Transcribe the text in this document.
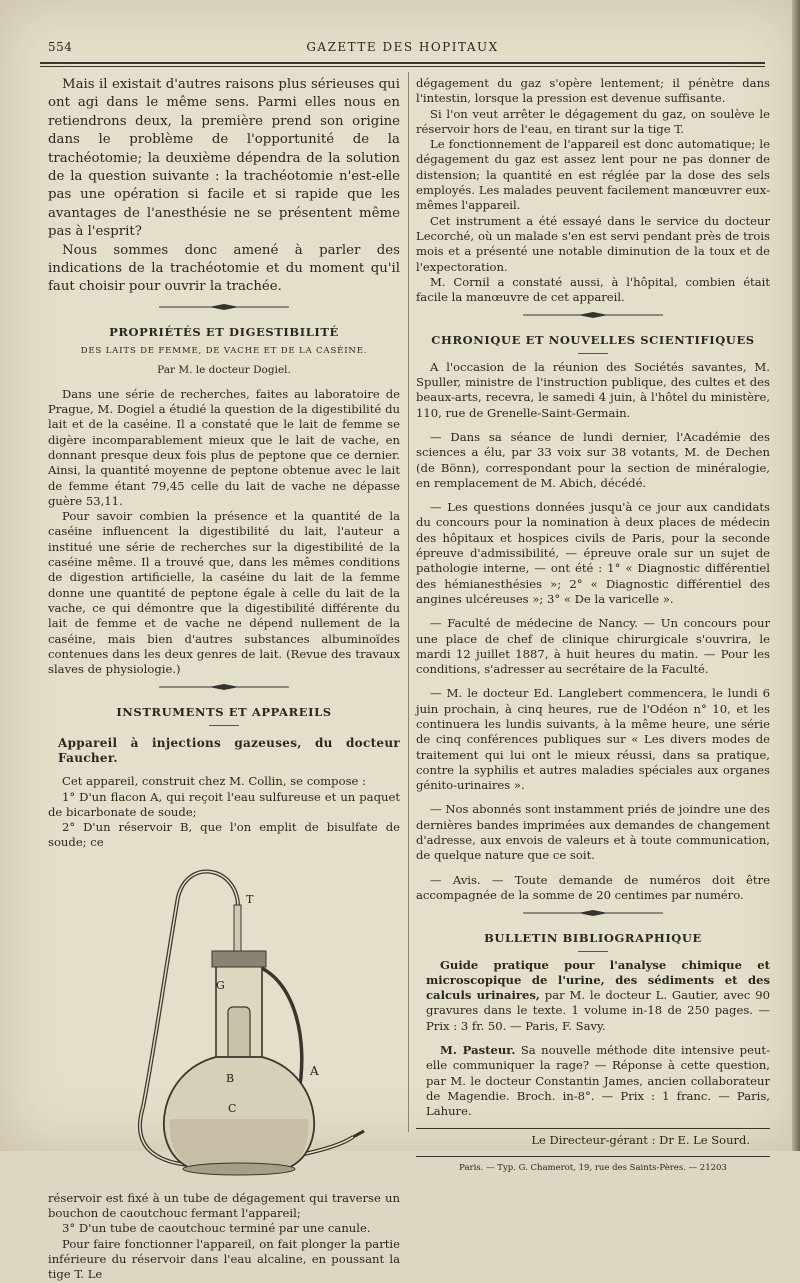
554	GAZETTE DES HOPITAUX

Mais il existait d'autres raisons plus sérieuses qui ont agi dans le même sens. Parmi elles nous en retiendrons deux, la première prend son origine dans le problème de l'opportunité de la trachéotomie; la deuxième dépendra de la solution de la question suivante : la trachéotomie n'est-elle pas une opération si facile et si rapide que les avantages de l'anesthésie ne se présentent même pas à l'esprit?

Nous sommes donc amené à parler des indications de la trachéotomie et du moment qu'il faut choisir pour ouvrir la trachée.

PROPRIÉTÉS ET DIGESTIBILITÉ
DES LAITS DE FEMME, DE VACHE ET DE LA CASÉINE.
Par M. le docteur Dogiel.

Dans une série de recherches, faites au laboratoire de Prague, M. Dogiel a étudié la question de la digestibilité du lait et de la caséine. Il a constaté que le lait de femme se digère incomparablement mieux que le lait de vache, en donnant presque deux fois plus de peptone que ce dernier. Ainsi, la quantité moyenne de peptone obtenue avec le lait de femme étant 79,45 celle du lait de vache ne dépasse guère 53,11.

Pour savoir combien la présence et la quantité de la caséine influencent la digestibilité du lait, l'auteur a institué une série de recherches sur la digestibilité de la caséine même. Il a trouvé que, dans les mêmes conditions de digestion artificielle, la caséine du lait de la femme donne une quantité de peptone égale à celle du lait de la vache, ce qui démontre que la digestibilité différente du lait de femme et de vache ne dépend nullement de la caséine, mais bien d'autres substances albuminoïdes contenues dans les deux genres de lait. (Revue des travaux slaves de physiologie.)

INSTRUMENTS ET APPAREILS
Appareil à injections gazeuses, du docteur Faucher.

Cet appareil, construit chez M. Collin, se compose :

1° D'un flacon A, qui reçoit l'eau sulfureuse et un paquet de bicarbonate de soude;

2° D'un réservoir B, que l'on emplit de bisulfate de soude; ce

T
G
B
C
A

réservoir est fixé à un tube de dégagement qui traverse un bouchon de caoutchouc fermant l'appareil;

3° D'un tube de caoutchouc terminé par une canule.

Pour faire fonctionner l'appareil, on fait plonger la partie inférieure du réservoir dans l'eau alcaline, en poussant la tige T. Le

dégagement du gaz s'opère lentement; il pénètre dans l'intestin, lorsque la pression est devenue suffisante.

Si l'on veut arrêter le dégagement du gaz, on soulève le réservoir hors de l'eau, en tirant sur la tige T.

Le fonctionnement de l'appareil est donc automatique; le dégagement du gaz est assez lent pour ne pas donner de distension; la quantité en est réglée par la dose des sels employés. Les malades peuvent facilement manœuvrer eux-mêmes l'appareil.

Cet instrument a été essayé dans le service du docteur Lecorché, où un malade s'en est servi pendant près de trois mois et a présenté une notable diminution de la toux et de l'expectoration.

M. Cornil a constaté aussi, à l'hôpital, combien était facile la manœuvre de cet appareil.

CHRONIQUE ET NOUVELLES SCIENTIFIQUES

A l'occasion de la réunion des Sociétés savantes, M. Spuller, ministre de l'instruction publique, des cultes et des beaux-arts, recevra, le samedi 4 juin, à l'hôtel du ministère, 110, rue de Grenelle-Saint-Germain.

— Dans sa séance de lundi dernier, l'Académie des sciences a élu, par 33 voix sur 38 votants, M. de Dechen (de Bönn), correspondant pour la section de minéralogie, en remplacement de M. Abich, décédé.

— Les questions données jusqu'à ce jour aux candidats du concours pour la nomination à deux places de médecin des hôpitaux et hospices civils de Paris, pour la seconde épreuve d'admissibilité, — épreuve orale sur un sujet de pathologie interne, — ont été : 1° « Diagnostic différentiel des hémianesthésies »; 2° « Diagnostic différentiel des angines ulcéreuses »; 3° « De la varicelle ».

— Faculté de médecine de Nancy. — Un concours pour une place de chef de clinique chirurgicale s'ouvrira, le mardi 12 juillet 1887, à huit heures du matin. — Pour les conditions, s'adresser au secrétaire de la Faculté.

— M. le docteur Ed. Langlebert commencera, le lundi 6 juin prochain, à cinq heures, rue de l'Odéon n° 10, et les continuera les lundis suivants, à la même heure, une série de cinq conférences publiques sur « Les divers modes de traitement qui lui ont le mieux réussi, dans sa pratique, contre la syphilis et autres maladies spéciales aux organes génito-urinaires ».

— Nos abonnés sont instamment priés de joindre une des dernières bandes imprimées aux demandes de changement d'adresse, aux envois de valeurs et à toute communication, de quelque nature que ce soit.

— Avis. — Toute demande de numéros doit être accompagnée de la somme de 20 centimes par numéro.

BULLETIN BIBLIOGRAPHIQUE

Guide pratique pour l'analyse chimique et microscopique de l'urine, des sédiments et des calculs urinaires, par M. le docteur L. Gautier, avec 90 gravures dans le texte. 1 volume in-18 de 250 pages. — Prix : 3 fr. 50. — Paris, F. Savy.

M. Pasteur. Sa nouvelle méthode dite intensive peut-elle communiquer la rage? — Réponse à cette question, par M. le docteur Constantin James, ancien collaborateur de Magendie. Broch. in-8°. — Prix : 1 franc. — Paris, Lahure.

Le Directeur-gérant : Dr E. Le Sourd.
Paris. — Typ. G. Chamerot, 19, rue des Saints-Pères. — 21203
